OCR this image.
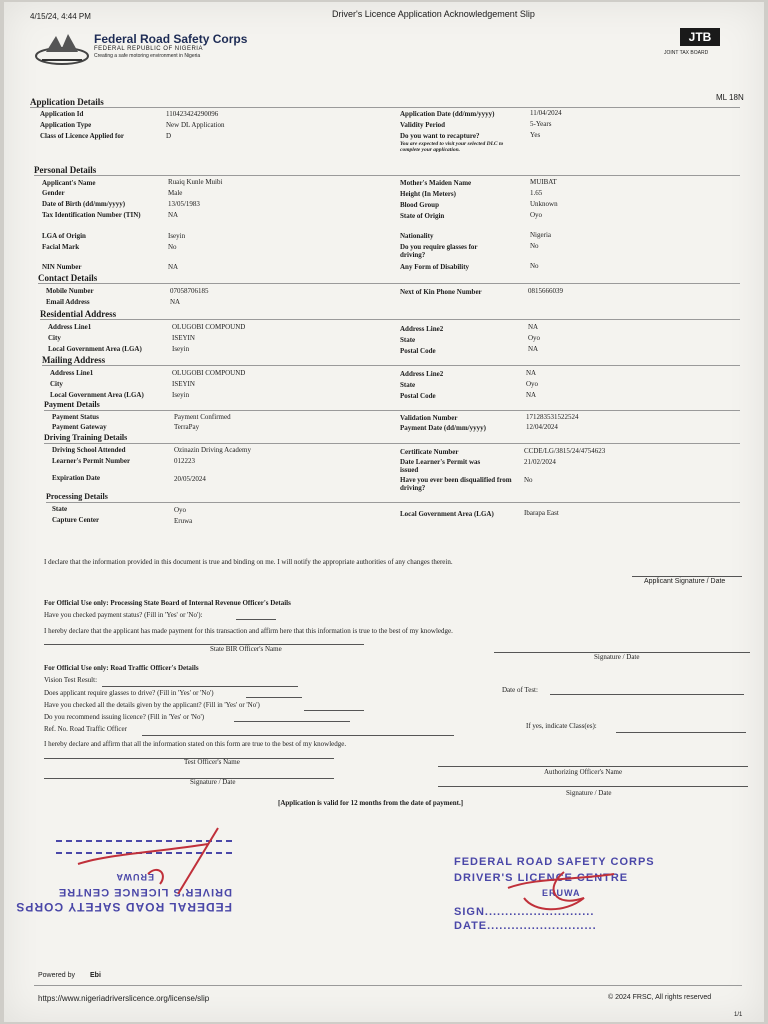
4/15/24, 4:44 PM	Driver's Licence Application Acknowledgement Slip
Federal Road Safety Corps
FEDERAL REPUBLIC OF NIGERIA
Creating a safe motoring environment in Nigeria
JTB
JOINT TAX BOARD
ML 18N
Application Details
Application Id	110423424290096
Application Type	New DL Application
Class of Licence Applied for	D
Application Date (dd/mm/yyyy)	11/04/2024
Validity Period	5-Years
Do you want to recapture?	Yes
You are expected to visit your selected DLC to complete your application.
Personal Details
Applicant's Name	Ruaiq Kunle Muibi
Gender	Male
Date of Birth (dd/mm/yyyy)	13/05/1983
Tax Identification Number (TIN)	NA
LGA of Origin	Iseyin
Facial Mark	No
NIN Number	NA
Mother's Maiden Name	MUIBAT
Height (In Meters)	1.65
Blood Group	Unknown
State of Origin	Oyo
Nationality	Nigeria
Do you require glasses for driving?
No
Any Form of Disability	No
Contact Details
Mobile Number	07058706185
Email Address	NA
Next of Kin Phone Number	0815666039
Residential Address
Address Line1	OLUGOBI COMPOUND
City	ISEYIN
Local Government Area (LGA)	Iseyin
Address Line2	NA
State	Oyo
Postal Code	NA
Mailing Address
Address Line1	OLUGOBI COMPOUND
City	ISEYIN
Local Government Area (LGA)	Iseyin
Address Line2	NA
State	Oyo
Postal Code	NA
Payment Details
Payment Status	Payment Confirmed
Payment Gateway	TerraPay
Validation Number	171283531522524
Payment Date (dd/mm/yyyy)	12/04/2024
Driving Training Details
Driving School Attended	Ozinazin Driving Academy
Learner's Permit Number	012223
Expiration Date	20/05/2024
Certificate Number	CCDE/LG/3815/24/4754623
Date Learner's Permit was issued
21/02/2024
Have you ever been disqualified from driving?
No
Processing Details
State	Oyo
Capture Center	Eruwa
Local Government Area (LGA)	Ibarapa East
I declare that the information provided in this document is true and binding on me. I will notify the appropriate authorities of any changes therein.
Applicant Signature / Date
For Official Use only: Processing State Board of Internal Revenue Officer's Details
Have you checked payment status? (Fill in 'Yes' or 'No'):
I hereby declare that the applicant has made payment for this transaction and affirm here that this information is true to the best of my knowledge.
State BIR Officer's Name
Signature / Date
For Official Use only: Road Traffic Officer's Details
Vision Test Result:
Does applicant require glasses to drive? (Fill in 'Yes' or 'No')
Have you checked all the details given by the applicant? (Fill in 'Yes' or 'No')
Do you recommend issuing licence? (Fill in 'Yes' or 'No')
Ref. No. Road Traffic Officer
Date of Test:
If yes, indicate Class(es):
I hereby declare and affirm that all the information stated on this form are true to the best of my knowledge.
Test Officer's Name
Signature / Date
Authorizing Officer's Name
Signature / Date
[Application is valid for 12 months from the date of payment.]
FEDERAL ROAD SAFETY CORPS
DRIVER'S LICENCE CENTRE
ERUWA
FEDERAL ROAD SAFETY CORPS
DRIVER'S LICENCE CENTRE
ERUWA
SIGN...........................
DATE...........................
Powered by Ebi
https://www.nigeriadriverslicence.org/license/slip	© 2024 FRSC, All rights reserved
1/1
